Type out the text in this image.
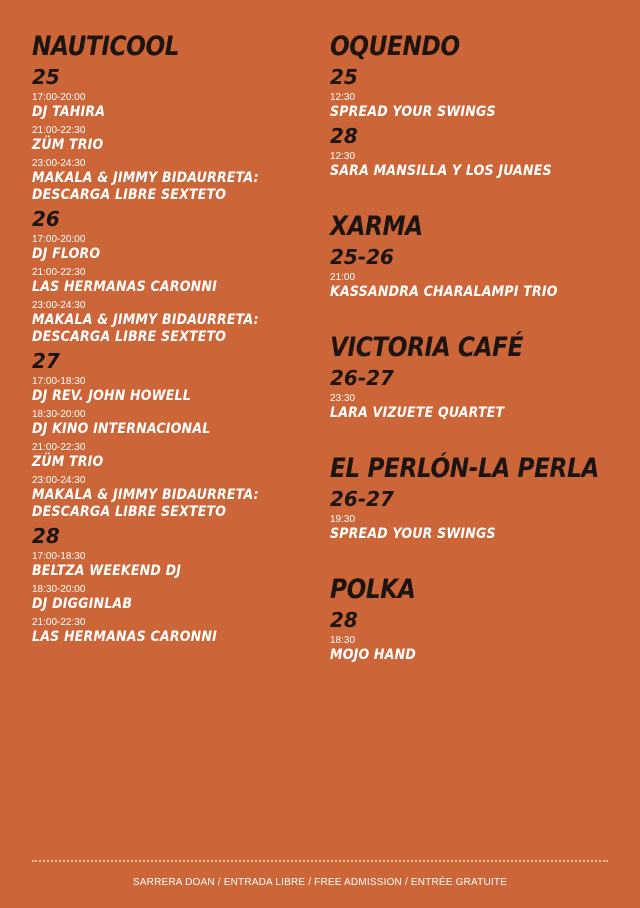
NAUTICOOL
25
17:00-20:00
DJ TAHIRA
21:00-22:30
ZÜM TRIO
23:00-24:30
MAKALA & JIMMY BIDAURRETA: DESCARGA LIBRE SEXTETO
26
17:00-20:00
DJ FLORO
21:00-22:30
LAS HERMANAS CARONNI
23:00-24:30
MAKALA & JIMMY BIDAURRETA: DESCARGA LIBRE SEXTETO
27
17:00-18:30
DJ REV. JOHN HOWELL
18:30-20:00
DJ KINO INTERNACIONAL
21:00-22:30
ZÜM TRIO
23:00-24:30
MAKALA & JIMMY BIDAURRETA: DESCARGA LIBRE SEXTETO
28
17:00-18:30
BELTZA WEEKEND DJ
18:30-20:00
DJ DIGGINLAB
21:00-22:30
LAS HERMANAS CARONNI
OQUENDO
25
12:30
SPREAD YOUR SWINGS
28
12:30
SARA MANSILLA Y LOS JUANES
XARMA
25-26
21:00
KASSANDRA CHARALAMPI TRIO
VICTORIA CAFÉ
26-27
23:30
LARA VIZUETE QUARTET
EL PERLÓN-LA PERLA
26-27
19:30
SPREAD YOUR SWINGS
POLKA
28
18:30
MOJO HAND
SARRERA DOAN / ENTRADA LIBRE / FREE ADMISSION / ENTRÉE GRATUITE
